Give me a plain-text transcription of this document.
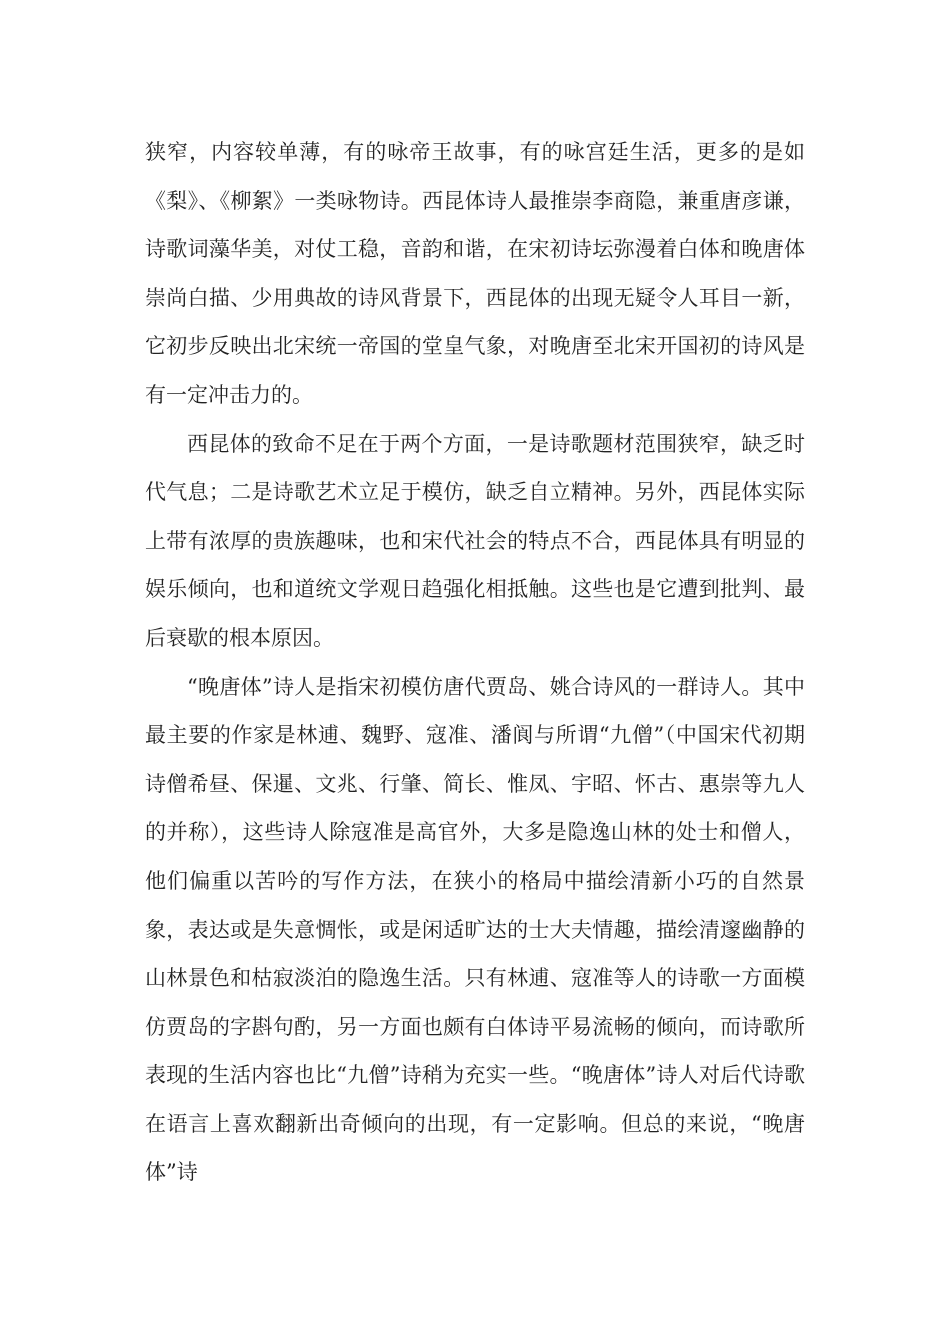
狭窄，内容较单薄，有的咏帝王故事，有的咏宫廷生活，更多的是如《梨》、《柳絮》一类咏物诗。西昆体诗人最推崇李商隐，兼重唐彦谦，诗歌词藻华美，对仗工稳，音韵和谐，在宋初诗坛弥漫着白体和晚唐体崇尚白描、少用典故的诗风背景下，西昆体的出现无疑令人耳目一新，它初步反映出北宋统一帝国的堂皇气象，对晚唐至北宋开国初的诗风是有一定冲击力的。

西昆体的致命不足在于两个方面，一是诗歌题材范围狭窄，缺乏时代气息；二是诗歌艺术立足于模仿，缺乏自立精神。另外，西昆体实际上带有浓厚的贵族趣味，也和宋代社会的特点不合，西昆体具有明显的娱乐倾向，也和道统文学观日趋强化相抵触。这些也是它遭到批判、最后衰歇的根本原因。

“晚唐体”诗人是指宋初模仿唐代贾岛、姚合诗风的一群诗人。其中最主要的作家是林逋、魏野、寇准、潘阆与所谓“九僧”（中国宋代初期诗僧希昼、保暹、文兆、行肇、简长、惟凤、宇昭、怀古、惠崇等九人的并称），这些诗人除寇准是高官外，大多是隐逸山林的处士和僧人，他们偏重以苦吟的写作方法，在狭小的格局中描绘清新小巧的自然景象，表达或是失意惆怅，或是闲适旷达的士大夫情趣，描绘清邃幽静的山林景色和枯寂淡泊的隐逸生活。只有林逋、寇准等人的诗歌一方面模仿贾岛的字斟句酌，另一方面也颇有白体诗平易流畅的倾向，而诗歌所表现的生活内容也比“九僧”诗稍为充实一些。“晚唐体”诗人对后代诗歌在语言上喜欢翻新出奇倾向的出现，有一定影响。但总的来说，“晚唐体”诗
